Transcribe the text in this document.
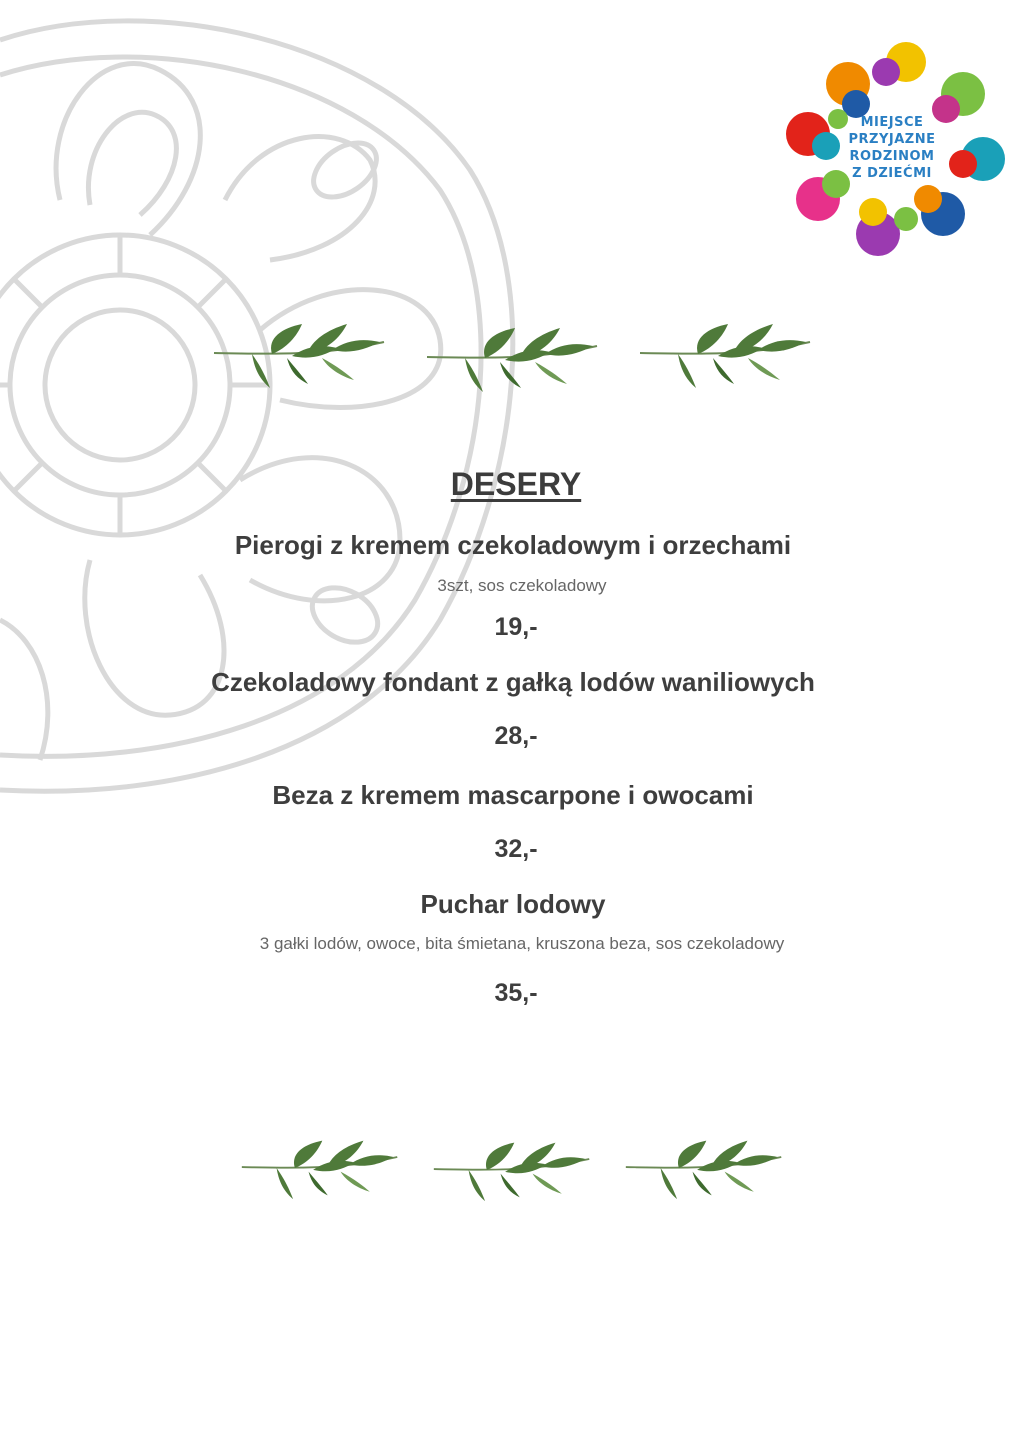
MIEJSCE
PRZYJAZNE
RODZINOM
Z DZIEĆMI
DESERY
Pierogi z kremem czekoladowym i orzechami
3szt, sos czekoladowy
19,-
Czekoladowy fondant z gałką lodów waniliowych
28,-
Beza z kremem mascarpone i owocami
32,-
Puchar lodowy
3 gałki lodów, owoce, bita śmietana, kruszona beza, sos czekoladowy
35,-
